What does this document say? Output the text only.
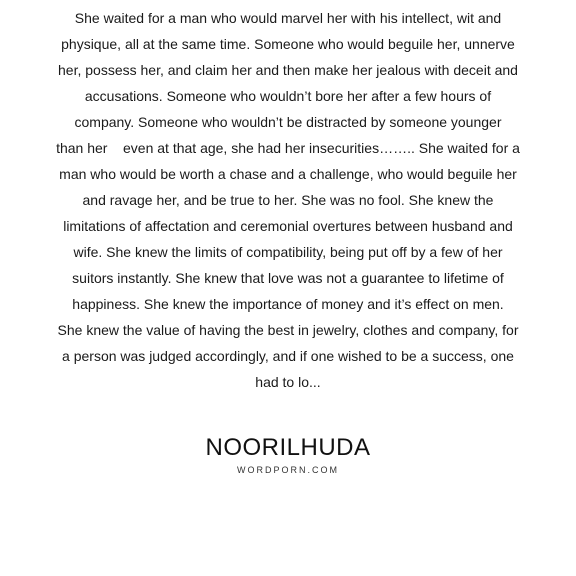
She waited for a man who would marvel her with his intellect, wit and
physique, all at the same time. Someone who would beguile her, unnerve
her, possess her, and claim her and then make her jealous with deceit and
accusations. Someone who wouldn’t bore her after a few hours of
company. Someone who wouldn’t be distracted by someone younger
than her    even at that age, she had her insecurities…….. She waited for a
man who would be worth a chase and a challenge, who would beguile her
and ravage her, and be true to her. She was no fool. She knew the
limitations of affectation and ceremonial overtures between husband and
wife. She knew the limits of compatibility, being put off by a few of her
suitors instantly. She knew that love was not a guarantee to lifetime of
happiness. She knew the importance of money and it’s effect on men.
She knew the value of having the best in jewelry, clothes and company, for
a person was judged accordingly, and if one wished to be a success, one
had to lo...
NOORILHUDA
WORDPORN.COM
